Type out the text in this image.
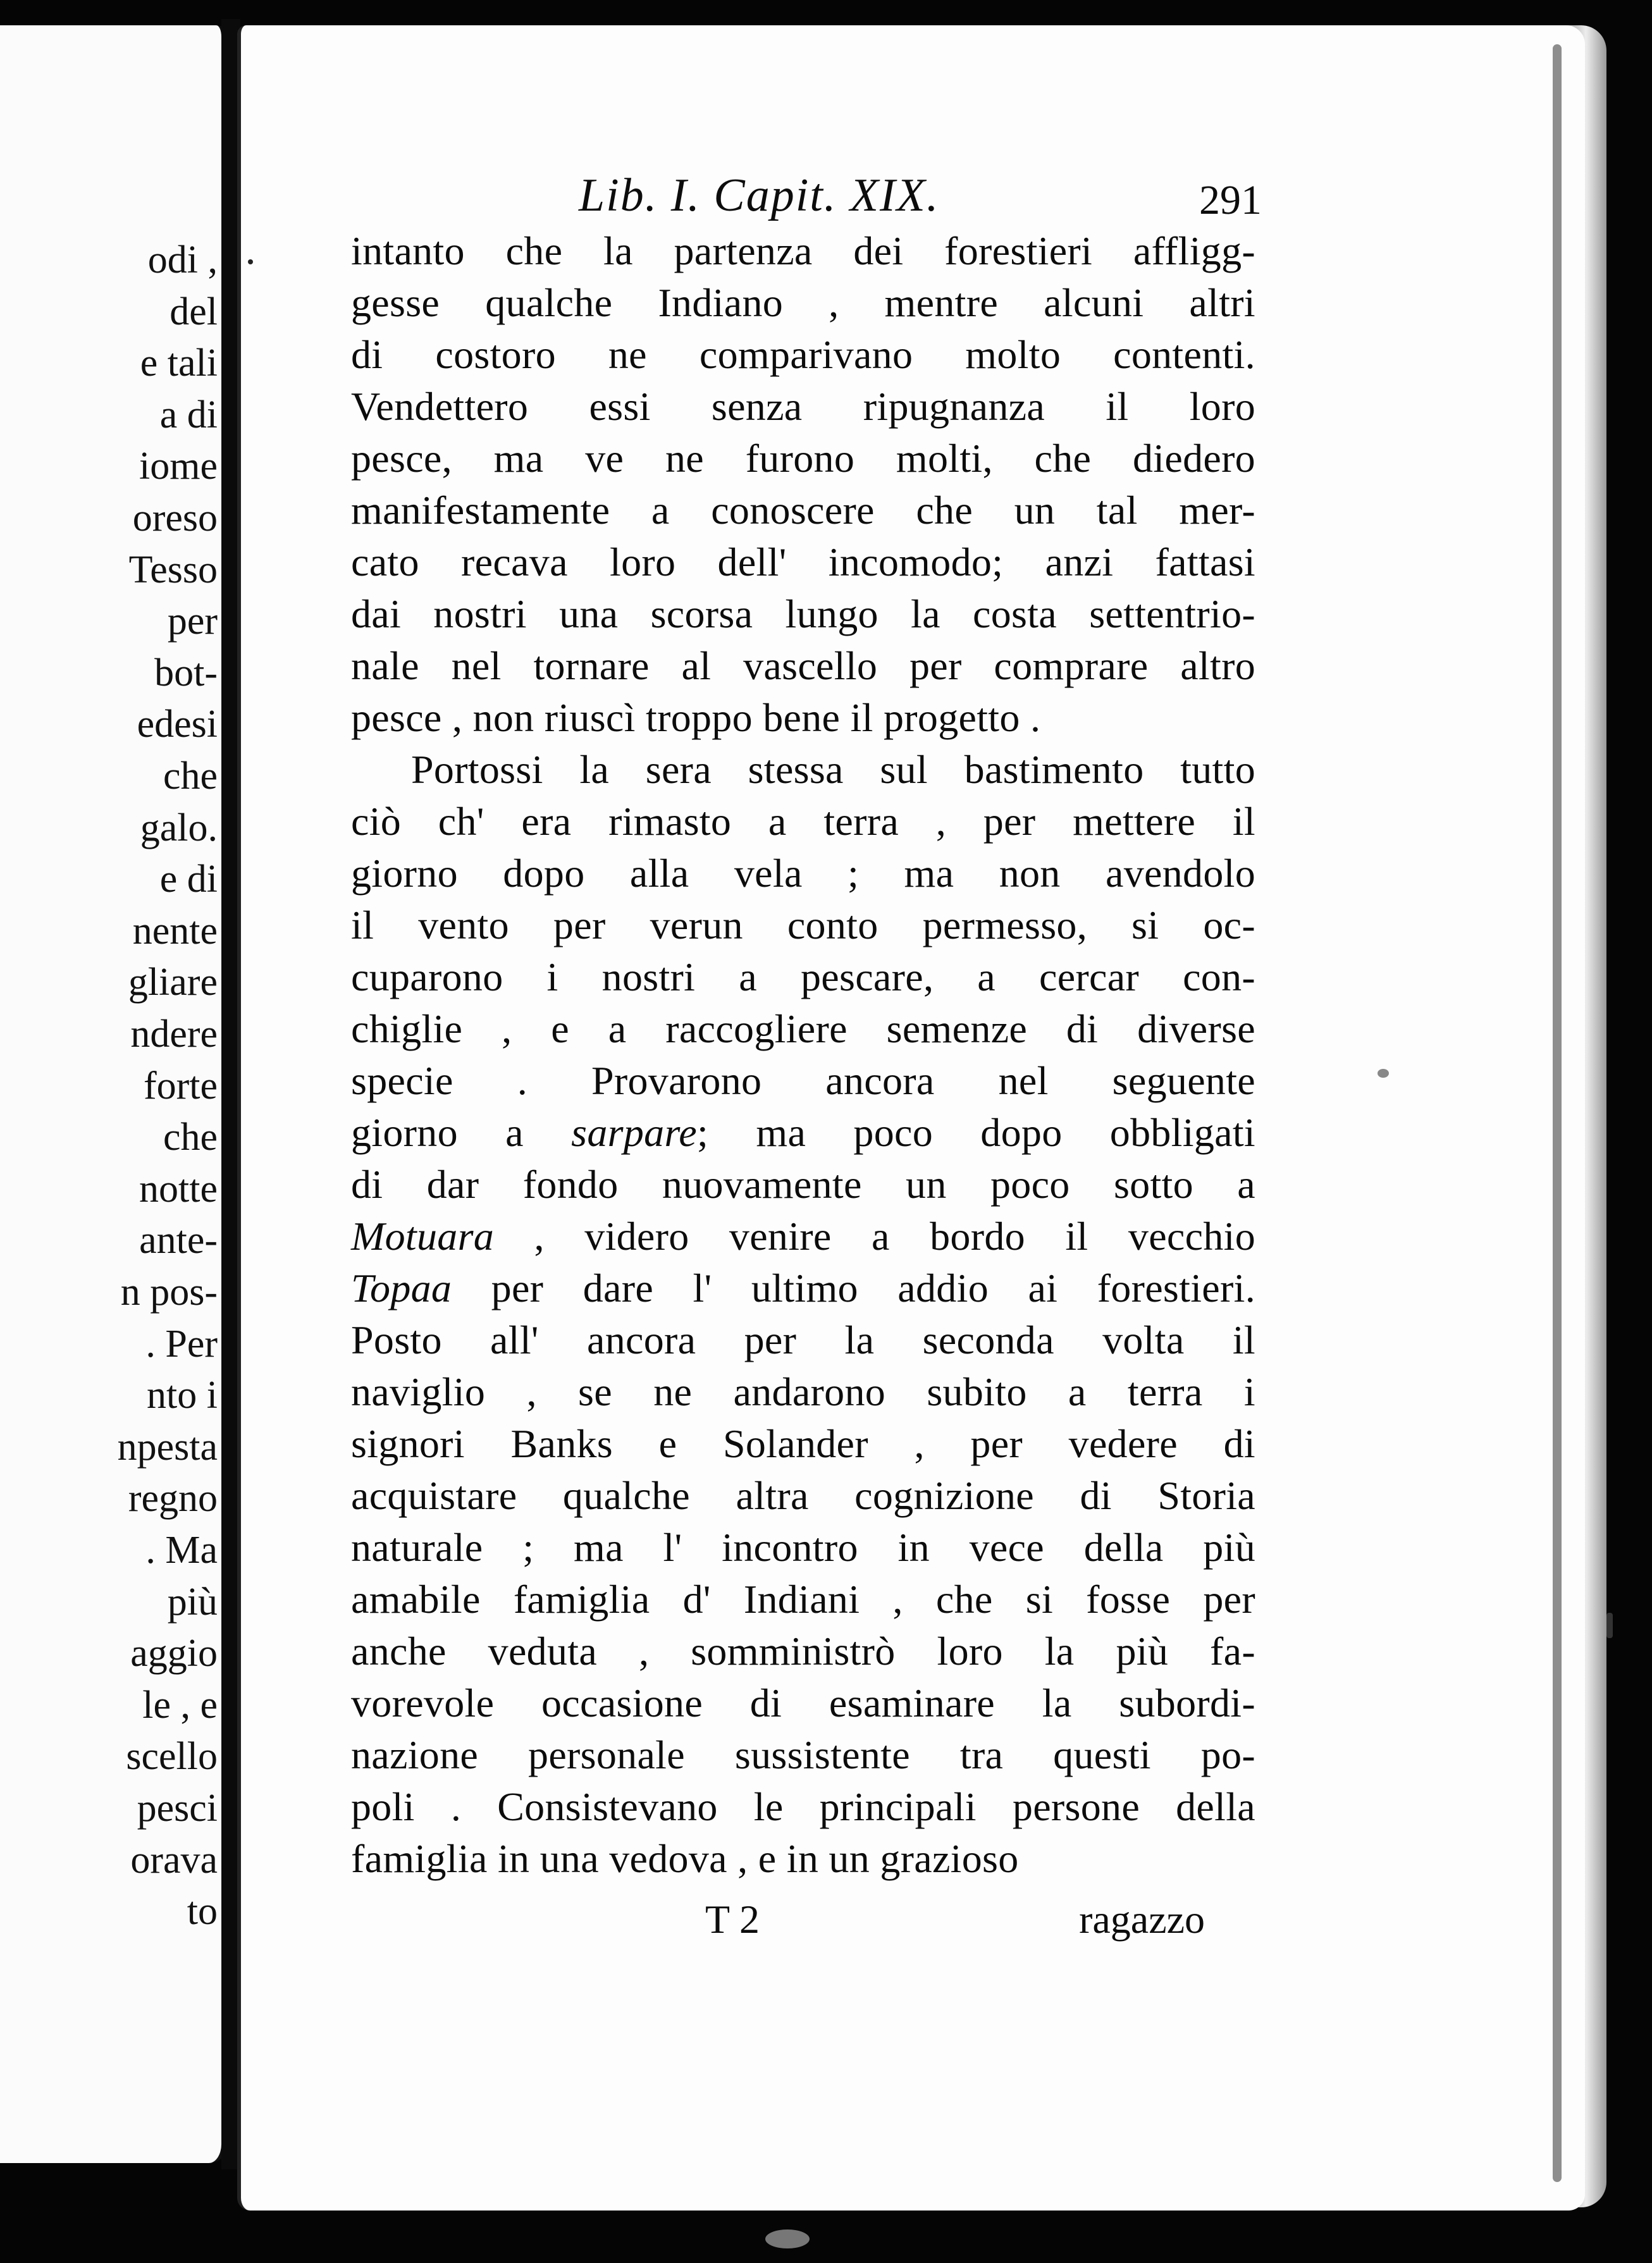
odi ,
del
e tali
a di
iome
oreso
Tesso
per
bot-
edesi
che
galo.
e di
nente
gliare
ndere
forte
che
notte
ante-
n pos-
. Per
nto i
npesta
regno
. Ma
più
aggio
le , e
scello
pesci
orava
to
Lib. I. Capit. XIX.	291
intanto che la partenza dei forestieri affligg-
gesse qualche Indiano , mentre alcuni altri
di costoro ne comparivano molto contenti.
Vendettero essi senza ripugnanza il loro
pesce, ma ve ne furono molti, che diedero
manifestamente a conoscere che un tal mer-
cato recava loro dell' incomodo; anzi fattasi
dai nostri una scorsa lungo la costa settentrio-
nale nel tornare al vascello per comprare altro
pesce , non riuscì troppo bene il progetto .
Portossi la sera stessa sul bastimento tutto
ciò ch' era rimasto a terra , per mettere il
giorno dopo alla vela ; ma non avendolo
il vento per verun conto permesso, si oc-
cuparono i nostri a pescare, a cercar con-
chiglie , e a raccogliere semenze di diverse
specie . Provarono ancora nel seguente
giorno a sarpare; ma poco dopo obbligati
di dar fondo nuovamente un poco sotto a
Motuara , videro venire a bordo il vecchio
Topaa per dare l' ultimo addio ai forestieri.
Posto all' ancora per la seconda volta il
naviglio , se ne andarono subito a terra i
signori Banks e Solander , per vedere di
acquistare qualche altra cognizione di Storia
naturale ; ma l' incontro in vece della più
amabile famiglia d' Indiani , che si fosse per
anche veduta , somministrò loro la più fa-
vorevole occasione di esaminare la subordi-
nazione personale sussistente tra questi po-
poli . Consistevano le principali persone della
famiglia in una vedova , e in un grazioso
T 2	ragazzo
